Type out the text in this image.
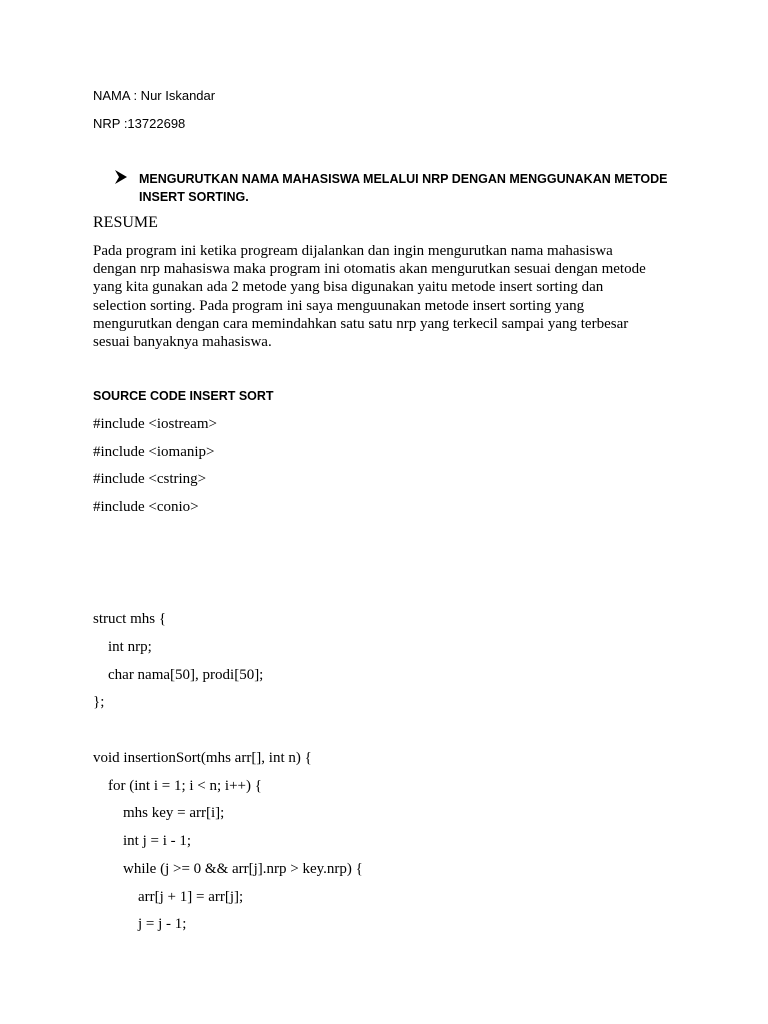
NAMA : Nur Iskandar
NRP :13722698
MENGURUTKAN NAMA MAHASISWA MELALUI NRP DENGAN MENGGUNAKAN METODE
INSERT SORTING.
RESUME
Pada program ini ketika progream dijalankan dan ingin mengurutkan nama mahasiswa
dengan nrp mahasiswa maka program ini otomatis akan mengurutkan sesuai dengan metode
yang kita gunakan ada 2 metode yang bisa digunakan yaitu metode insert sorting dan
selection sorting. Pada program ini saya menguunakan metode insert sorting yang
mengurutkan dengan cara memindahkan satu satu nrp yang terkecil sampai yang terbesar
sesuai banyaknya mahasiswa.
SOURCE CODE INSERT SORT
#include <iostream>
#include <iomanip>
#include <cstring>
#include <conio>
struct mhs {
int nrp;
char nama[50], prodi[50];
};
void insertionSort(mhs arr[], int n) {
for (int i = 1; i < n; i++) {
mhs key = arr[i];
int j = i - 1;
while (j >= 0 && arr[j].nrp > key.nrp) {
arr[j + 1] = arr[j];
j = j - 1;
